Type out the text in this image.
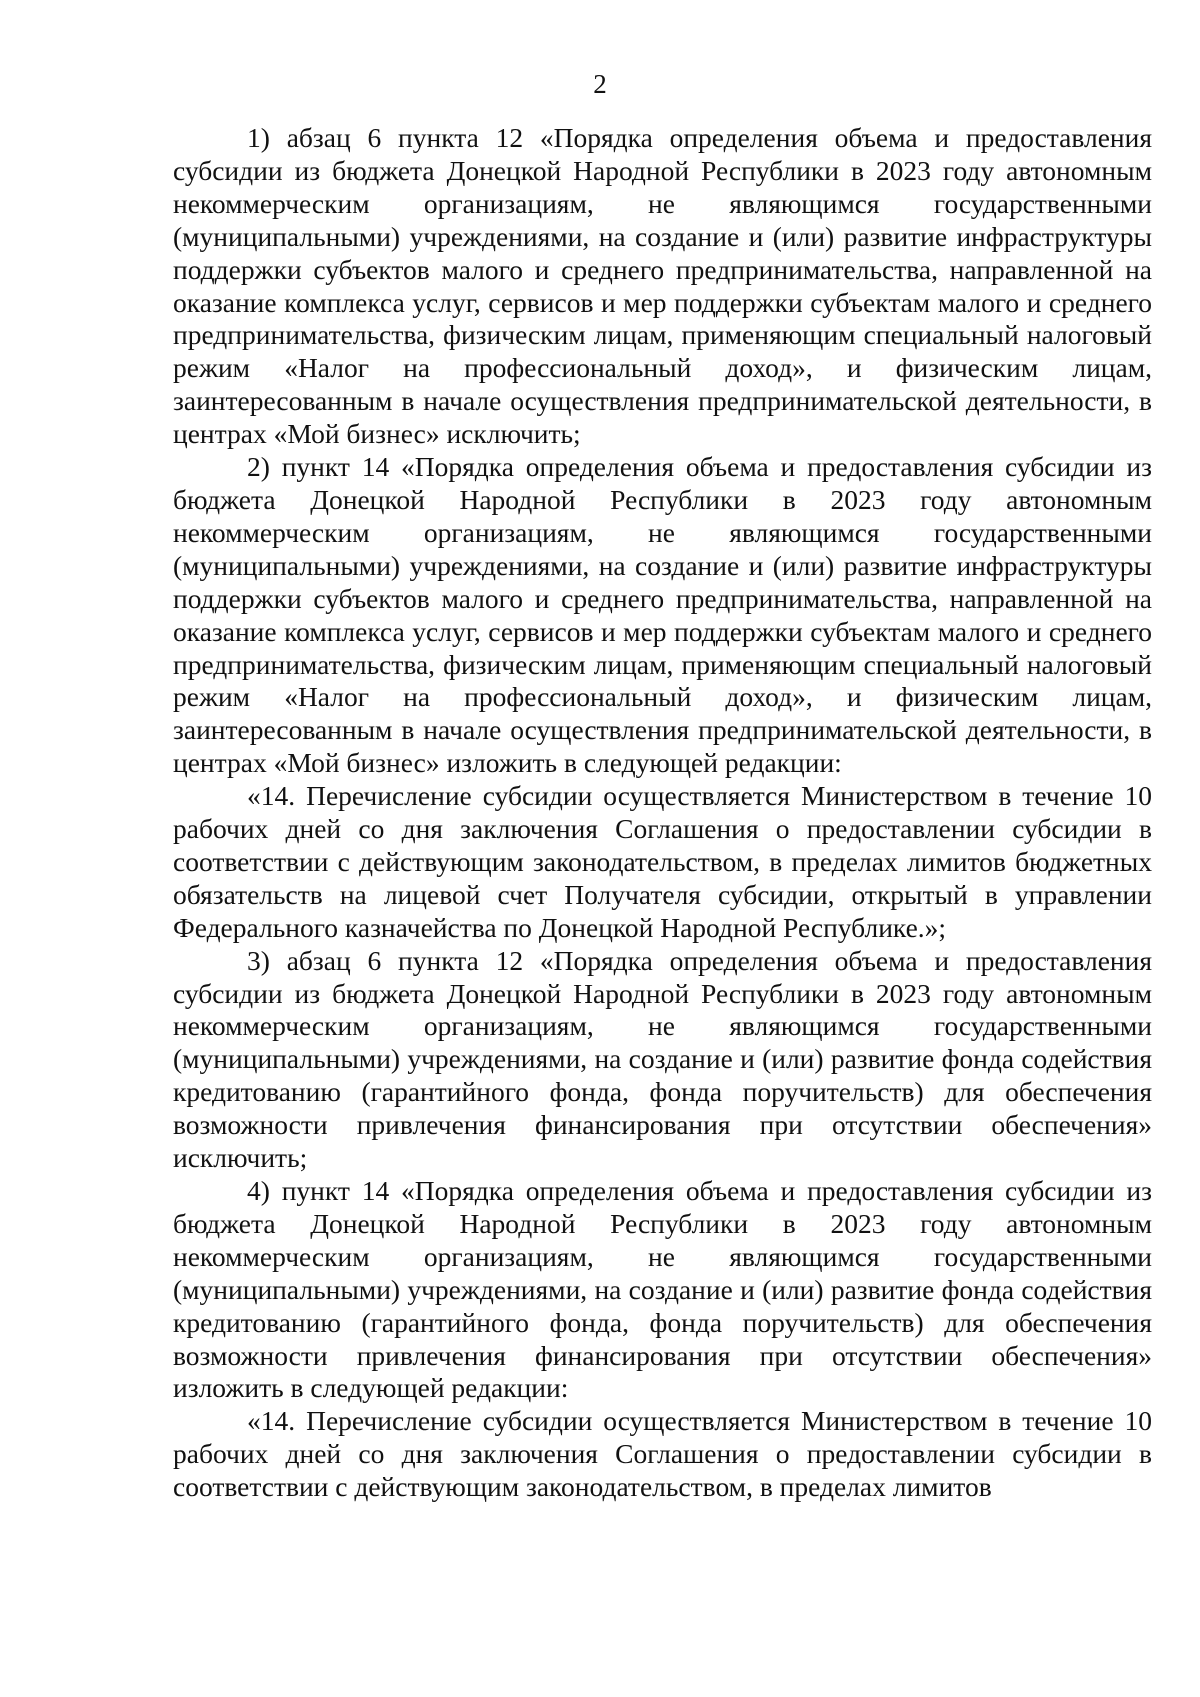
2

1) абзац 6 пункта 12 «Порядка определения объема и предоставления субсидии из бюджета Донецкой Народной Республики в 2023 году автономным некоммерческим организациям, не являющимся государственными (муниципальными) учреждениями, на создание и (или) развитие инфраструктуры поддержки субъектов малого и среднего предпринимательства, направленной на оказание комплекса услуг, сервисов и мер поддержки субъектам малого и среднего предпринимательства, физическим лицам, применяющим специальный налоговый режим «Налог на профессиональный доход», и физическим лицам, заинтересованным в начале осуществления предпринимательской деятельности, в центрах «Мой бизнес» исключить;

2) пункт 14 «Порядка определения объема и предоставления субсидии из бюджета Донецкой Народной Республики в 2023 году автономным некоммерческим организациям, не являющимся государственными (муниципальными) учреждениями, на создание и (или) развитие инфраструктуры поддержки субъектов малого и среднего предпринимательства, направленной на оказание комплекса услуг, сервисов и мер поддержки субъектам малого и среднего предпринимательства, физическим лицам, применяющим специальный налоговый режим «Налог на профессиональный доход», и физическим лицам, заинтересованным в начале осуществления предпринимательской деятельности, в центрах «Мой бизнес» изложить в следующей редакции:

«14. Перечисление субсидии осуществляется Министерством в течение 10 рабочих дней со дня заключения Соглашения о предоставлении субсидии в соответствии с действующим законодательством, в пределах лимитов бюджетных обязательств на лицевой счет Получателя субсидии, открытый в управлении Федерального казначейства по Донецкой Народной Республике.»;

3) абзац 6 пункта 12 «Порядка определения объема и предоставления субсидии из бюджета Донецкой Народной Республики в 2023 году автономным некоммерческим организациям, не являющимся государственными (муниципальными) учреждениями, на создание и (или) развитие фонда содействия кредитованию (гарантийного фонда, фонда поручительств) для обеспечения возможности привлечения финансирования при отсутствии обеспечения» исключить;

4) пункт 14 «Порядка определения объема и предоставления субсидии из бюджета Донецкой Народной Республики в 2023 году автономным некоммерческим организациям, не являющимся государственными (муниципальными) учреждениями, на создание и (или) развитие фонда содействия кредитованию (гарантийного фонда, фонда поручительств) для обеспечения возможности привлечения финансирования при отсутствии обеспечения» изложить в следующей редакции:

«14. Перечисление субсидии осуществляется Министерством в течение 10 рабочих дней со дня заключения Соглашения о предоставлении субсидии в соответствии с действующим законодательством, в пределах лимитов
